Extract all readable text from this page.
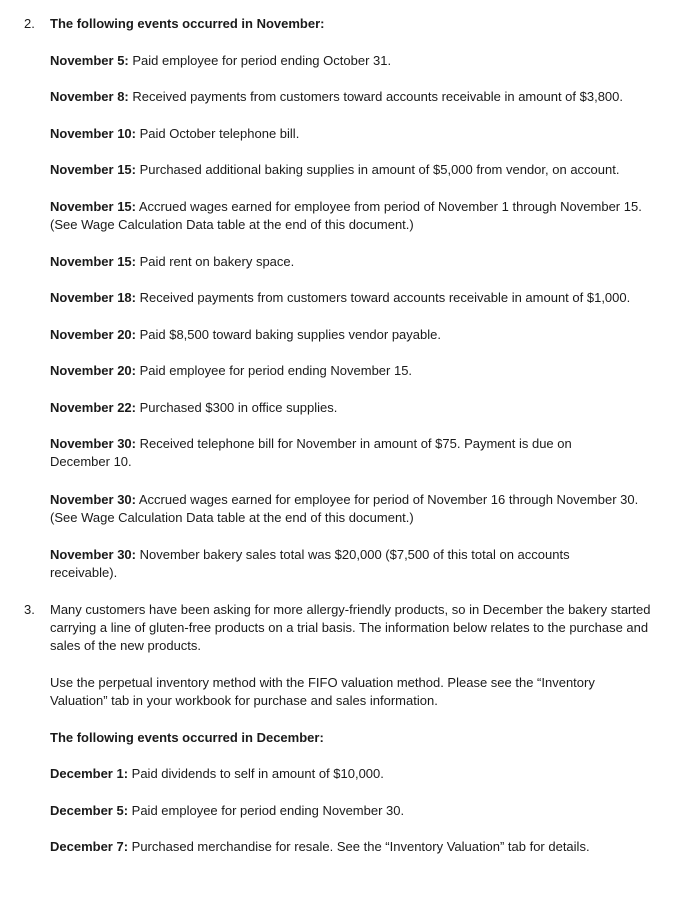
2. The following events occurred in November:
November 5: Paid employee for period ending October 31.
November 8: Received payments from customers toward accounts receivable in amount of $3,800.
November 10: Paid October telephone bill.
November 15: Purchased additional baking supplies in amount of $5,000 from vendor, on account.
November 15: Accrued wages earned for employee from period of November 1 through November 15. (See Wage Calculation Data table at the end of this document.)
November 15: Paid rent on bakery space.
November 18: Received payments from customers toward accounts receivable in amount of $1,000.
November 20: Paid $8,500 toward baking supplies vendor payable.
November 20: Paid employee for period ending November 15.
November 22: Purchased $300 in office supplies.
November 30: Received telephone bill for November in amount of $75. Payment is due on December 10.
November 30: Accrued wages earned for employee for period of November 16 through November 30. (See Wage Calculation Data table at the end of this document.)
November 30: November bakery sales total was $20,000 ($7,500 of this total on accounts receivable).
3. Many customers have been asking for more allergy-friendly products, so in December the bakery started carrying a line of gluten-free products on a trial basis. The information below relates to the purchase and sales of the new products.
Use the perpetual inventory method with the FIFO valuation method. Please see the “Inventory Valuation” tab in your workbook for purchase and sales information.
The following events occurred in December:
December 1: Paid dividends to self in amount of $10,000.
December 5: Paid employee for period ending November 30.
December 7: Purchased merchandise for resale. See the “Inventory Valuation” tab for details.
